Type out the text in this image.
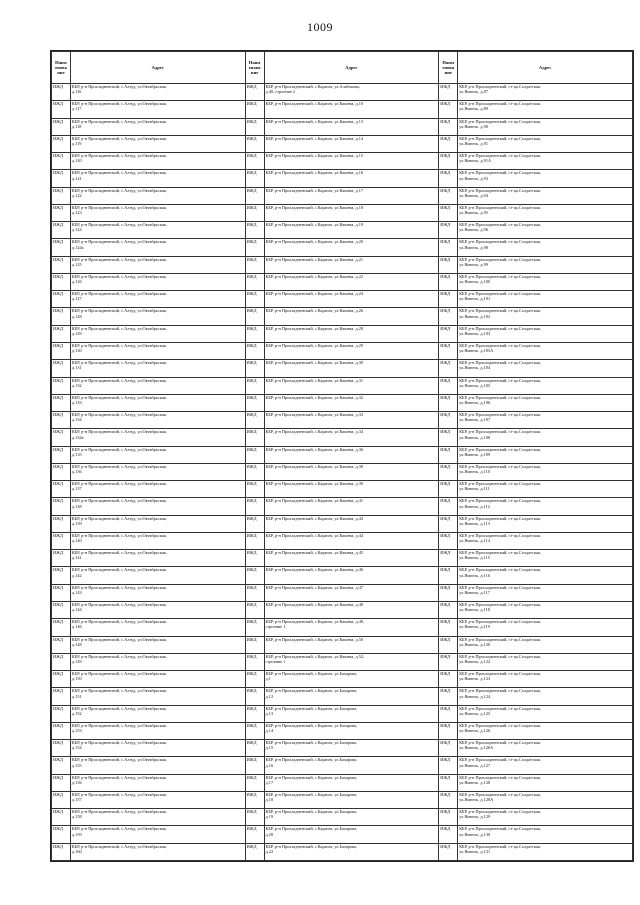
1009
Наим енова ние	Адрес	Наим енова ние	Адрес	Наим енова ние	Адрес
ИЖД	КБР, р-н Прохладненский, с.Алтуд, ул.Октябрьская,
д.116	ИЖД	КБР, р-н Прохладненский, с.Карагач, ул.Алабокова,
д.40, строение 2	ИЖД	КБР, р-н Прохладненский, ст-ца.Солдатская,
ул.Ямпель, д.87

ИЖД	КБР, р-н Прохладненский, с.Алтуд, ул.Октябрьская,
д.117	ИЖД	КБР, р-н Прохладненский, с.Карагач, ул.Кашева, д.10	ИЖД	КБР, р-н Прохладненский, ст-ца.Солдатская,
ул.Ямпель, д.89

ИЖД	КБР, р-н Прохладненский, с.Алтуд, ул.Октябрьская,
д.118	ИЖД	КБР, р-н Прохладненский, с.Карагач, ул.Кашева, д.13	ИЖД	КБР, р-н Прохладненский, ст-ца.Солдатская,
ул.Ямпель, д.90

ИЖД	КБР, р-н Прохладненский, с.Алтуд, ул.Октябрьская,
д.119	ИЖД	КБР, р-н Прохладненский, с.Карагач, ул.Кашева, д.14	ИЖД	КБР, р-н Прохладненский, ст-ца.Солдатская,
ул.Ямпель, д.91

ИЖД	КБР, р-н Прохладненский, с.Алтуд, ул.Октябрьская,
д.120	ИЖД	КБР, р-н Прохладненский, с.Карагач, ул.Кашева, д.15	ИЖД	КБР, р-н Прохладненский, ст-ца.Солдатская,
ул.Ямпель, д.91А

ИЖД	КБР, р-н Прохладненский, с.Алтуд, ул.Октябрьская,
д.121	ИЖД	КБР, р-н Прохладненский, с.Карагач, ул.Кашева, д.16	ИЖД	КБР, р-н Прохладненский, ст-ца.Солдатская,
ул.Ямпель, д.93

ИЖД	КБР, р-н Прохладненский, с.Алтуд, ул.Октябрьская,
д.122	ИЖД	КБР, р-н Прохладненский, с.Карагач, ул.Кашева, д.17	ИЖД	КБР, р-н Прохладненский, ст-ца.Солдатская,
ул.Ямпель, д.94

ИЖД	КБР, р-н Прохладненский, с.Алтуд, ул.Октябрьская,
д.123	ИЖД	КБР, р-н Прохладненский, с.Карагач, ул.Кашева, д.18	ИЖД	КБР, р-н Прохладненский, ст-ца.Солдатская,
ул.Ямпель, д.95

ИЖД	КБР, р-н Прохладненский, с.Алтуд, ул.Октябрьская,
д.124	ИЖД	КБР, р-н Прохладненский, с.Карагач, ул.Кашева, д.19	ИЖД	КБР, р-н Прохладненский, ст-ца.Солдатская,
ул.Ямпель, д.96

ИЖД	КБР, р-н Прохладненский, с.Алтуд, ул.Октябрьская,
д.124а	ИЖД	КБР, р-н Прохладненский, с.Карагач, ул.Кашева, д.20	ИЖД	КБР, р-н Прохладненский, ст-ца.Солдатская,
ул.Ямпель, д.98

ИЖД	КБР, р-н Прохладненский, с.Алтуд, ул.Октябрьская,
д.125	ИЖД	КБР, р-н Прохладненский, с.Карагач, ул.Кашева, д.21	ИЖД	КБР, р-н Прохладненский, ст-ца.Солдатская,
ул.Ямпель, д.99

ИЖД	КБР, р-н Прохладненский, с.Алтуд, ул.Октябрьская,
д.126	ИЖД	КБР, р-н Прохладненский, с.Карагач, ул.Кашева, д.22	ИЖД	КБР, р-н Прохладненский, ст-ца.Солдатская,
ул.Ямпель, д.100

ИЖД	КБР, р-н Прохладненский, с.Алтуд, ул.Октябрьская,
д.127	ИЖД	КБР, р-н Прохладненский, с.Карагач, ул.Кашева, д.24	ИЖД	КБР, р-н Прохладненский, ст-ца.Солдатская,
ул.Ямпель, д.101

ИЖД	КБР, р-н Прохладненский, с.Алтуд, ул.Октябрьская,
д.128	ИЖД	КБР, р-н Прохладненский, с.Карагач, ул.Кашева, д.26	ИЖД	КБР, р-н Прохладненский, ст-ца.Солдатская,
ул.Ямпель, д.102

ИЖД	КБР, р-н Прохладненский, с.Алтуд, ул.Октябрьская,
д.129	ИЖД	КБР, р-н Прохладненский, с.Карагач, ул.Кашева, д.28	ИЖД	КБР, р-н Прохладненский, ст-ца.Солдатская,
ул.Ямпель, д.103

ИЖД	КБР, р-н Прохладненский, с.Алтуд, ул.Октябрьская,
д.130	ИЖД	КБР, р-н Прохладненский, с.Карагач, ул.Кашева, д.29	ИЖД	КБР, р-н Прохладненский, ст-ца.Солдатская,
ул.Ямпель, д.105А

ИЖД	КБР, р-н Прохладненский, с.Алтуд, ул.Октябрьская,
д.131	ИЖД	КБР, р-н Прохладненский, с.Карагач, ул.Кашева, д.30	ИЖД	КБР, р-н Прохладненский, ст-ца.Солдатская,
ул.Ямпель, д.104

ИЖД	КБР, р-н Прохладненский, с.Алтуд, ул.Октябрьская,
д.132	ИЖД	КБР, р-н Прохладненский, с.Карагач, ул.Кашева, д.31	ИЖД	КБР, р-н Прохладненский, ст-ца.Солдатская,
ул.Ямпель, д.105

ИЖД	КБР, р-н Прохладненский, с.Алтуд, ул.Октябрьская,
д.133	ИЖД	КБР, р-н Прохладненский, с.Карагач, ул.Кашева, д.32	ИЖД	КБР, р-н Прохладненский, ст-ца.Солдатская,
ул.Ямпель, д.106

ИЖД	КБР, р-н Прохладненский, с.Алтуд, ул.Октябрьская,
д.134	ИЖД	КБР, р-н Прохладненский, с.Карагач, ул.Кашева, д.33	ИЖД	КБР, р-н Прохладненский, ст-ца.Солдатская,
ул.Ямпель, д.107

ИЖД	КБР, р-н Прохладненский, с.Алтуд, ул.Октябрьская,
д.134а	ИЖД	КБР, р-н Прохладненский, с.Карагач, ул.Кашева, д.34	ИЖД	КБР, р-н Прохладненский, ст-ца.Солдатская,
ул.Ямпель, д.108

ИЖД	КБР, р-н Прохладненский, с.Алтуд, ул.Октябрьская,
д.135	ИЖД	КБР, р-н Прохладненский, с.Карагач, ул.Кашева, д.36	ИЖД	КБР, р-н Прохладненский, ст-ца.Солдатская,
ул.Ямпель, д.109

ИЖД	КБР, р-н Прохладненский, с.Алтуд, ул.Октябрьская,
д.136	ИЖД	КБР, р-н Прохладненский, с.Карагач, ул.Кашева, д.38	ИЖД	КБР, р-н Прохладненский, ст-ца.Солдатская,
ул.Ямпель, д.110

ИЖД	КБР, р-н Прохладненский, с.Алтуд, ул.Октябрьская,
д.137	ИЖД	КБР, р-н Прохладненский, с.Карагач, ул.Кашева, д.39	ИЖД	КБР, р-н Прохладненский, ст-ца.Солдатская,
ул.Ямпель, д.111

ИЖД	КБР, р-н Прохладненский, с.Алтуд, ул.Октябрьская,
д.138	ИЖД	КБР, р-н Прохладненский, с.Карагач, ул.Кашева, д.41	ИЖД	КБР, р-н Прохладненский, ст-ца.Солдатская,
ул.Ямпель, д.112

ИЖД	КБР, р-н Прохладненский, с.Алтуд, ул.Октябрьская,
д.139	ИЖД	КБР, р-н Прохладненский, с.Карагач, ул.Кашева, д.43	ИЖД	КБР, р-н Прохладненский, ст-ца.Солдатская,
ул.Ямпель, д.113

ИЖД	КБР, р-н Прохладненский, с.Алтуд, ул.Октябрьская,
д.140	ИЖД	КБР, р-н Прохладненский, с.Карагач, ул.Кашева, д.44	ИЖД	КБР, р-н Прохладненский, ст-ца.Солдатская,
ул.Ямпель, д.114

ИЖД	КБР, р-н Прохладненский, с.Алтуд, ул.Октябрьская,
д.141	ИЖД	КБР, р-н Прохладненский, с.Карагач, ул.Кашева, д.45	ИЖД	КБР, р-н Прохладненский, ст-ца.Солдатская,
ул.Ямпель, д.115

ИЖД	КБР, р-н Прохладненский, с.Алтуд, ул.Октябрьская,
д.142	ИЖД	КБР, р-н Прохладненский, с.Карагач, ул.Кашева, д.46	ИЖД	КБР, р-н Прохладненский, ст-ца.Солдатская,
ул.Ямпель, д.116

ИЖД	КБР, р-н Прохладненский, с.Алтуд, ул.Октябрьская,
д.143	ИЖД	КБР, р-н Прохладненский, с.Карагач, ул.Кашева, д.47	ИЖД	КБР, р-н Прохладненский, ст-ца.Солдатская,
ул.Ямпель, д.117

ИЖД	КБР, р-н Прохладненский, с.Алтуд, ул.Октябрьская,
д.144	ИЖД	КБР, р-н Прохладненский, с.Карагач, ул.Кашева, д.48	ИЖД	КБР, р-н Прохладненский, ст-ца.Солдатская,
ул.Ямпель, д.118

ИЖД	КБР, р-н Прохладненский, с.Алтуд, ул.Октябрьская,
д.146	ИЖД	КБР, р-н Прохладненский, с.Карагач, ул.Кашева, д.49,
строение 1	ИЖД	КБР, р-н Прохладненский, ст-ца.Солдатская,
ул.Ямпель, д.119

ИЖД	КБР, р-н Прохладненский, с.Алтуд, ул.Октябрьская,
д.148	ИЖД	КБР, р-н Прохладненский, с.Карагач, ул.Кашева, д.50	ИЖД	КБР, р-н Прохладненский, ст-ца.Солдатская,
ул.Ямпель, д.120

ИЖД	КБР, р-н Прохладненский, с.Алтуд, ул.Октябрьская,
д.149	ИЖД	КБР, р-н Прохладненский, с.Карагач, ул.Кашева, д.52,
строение 1	ИЖД	КБР, р-н Прохладненский, ст-ца.Солдатская,
ул.Ямпель, д.122

ИЖД	КБР, р-н Прохладненский, с.Алтуд, ул.Октябрьская,
д.150	ИЖД	КБР, р-н Прохладненский, с.Карагач, ул.Бахарова,
д.1	ИЖД	КБР, р-н Прохладненский, ст-ца.Солдатская,
ул.Ямпель, д.123

ИЖД	КБР, р-н Прохладненский, с.Алтуд, ул.Октябрьская,
д.151	ИЖД	КБР, р-н Прохладненский, с.Карагач, ул.Бахарова,
д.12	ИЖД	КБР, р-н Прохладненский, ст-ца.Солдатская,
ул.Ямпель, д.124

ИЖД	КБР, р-н Прохладненский, с.Алтуд, ул.Октябрьская,
д.152	ИЖД	КБР, р-н Прохладненский, с.Карагач, ул.Бахарова,
д.13	ИЖД	КБР, р-н Прохладненский, ст-ца.Солдатская,
ул.Ямпель, д.125

ИЖД	КБР, р-н Прохладненский, с.Алтуд, ул.Октябрьская,
д.153	ИЖД	КБР, р-н Прохладненский, с.Карагач, ул.Бахарова,
д.14	ИЖД	КБР, р-н Прохладненский, ст-ца.Солдатская,
ул.Ямпель, д.126

ИЖД	КБР, р-н Прохладненский, с.Алтуд, ул.Октябрьская,
д.154	ИЖД	КБР, р-н Прохладненский, с.Карагач, ул.Бахарова,
д.15	ИЖД	КБР, р-н Прохладненский, ст-ца.Солдатская,
ул.Ямпель, д.126А

ИЖД	КБР, р-н Прохладненский, с.Алтуд, ул.Октябрьская,
д.155	ИЖД	КБР, р-н Прохладненский, с.Карагач, ул.Бахарова,
д.16	ИЖД	КБР, р-н Прохладненский, ст-ца.Солдатская,
ул.Ямпель, д.127

ИЖД	КБР, р-н Прохладненский, с.Алтуд, ул.Октябрьская,
д.156	ИЖД	КБР, р-н Прохладненский, с.Карагач, ул.Бахарова,
д.17	ИЖД	КБР, р-н Прохладненский, ст-ца.Солдатская,
ул.Ямпель, д.128

ИЖД	КБР, р-н Прохладненский, с.Алтуд, ул.Октябрьская,
д.157	ИЖД	КБР, р-н Прохладненский, с.Карагач, ул.Бахарова,
д.18	ИЖД	КБР, р-н Прохладненский, ст-ца.Солдатская,
ул.Ямпель, д.128А

ИЖД	КБР, р-н Прохладненский, с.Алтуд, ул.Октябрьская,
д.158	ИЖД	КБР, р-н Прохладненский, с.Карагач, ул.Бахарова,
д.19	ИЖД	КБР, р-н Прохладненский, ст-ца.Солдатская,
ул.Ямпель, д.129

ИЖД	КБР, р-н Прохладненский, с.Алтуд, ул.Октябрьская,
д.159	ИЖД	КБР, р-н Прохладненский, с.Карагач, ул.Бахарова,
д.20	ИЖД	КБР, р-н Прохладненский, ст-ца.Солдатская,
ул.Ямпель, д.130

ИЖД	КБР, р-н Прохладненский, с.Алтуд, ул.Октябрьская,
д.160	ИЖД	КБР, р-н Прохладненский, с.Карагач, ул.Бахарова,
д.22	ИЖД	КБР, р-н Прохладненский, ст-ца.Солдатская,
ул.Ямпель, д.131
